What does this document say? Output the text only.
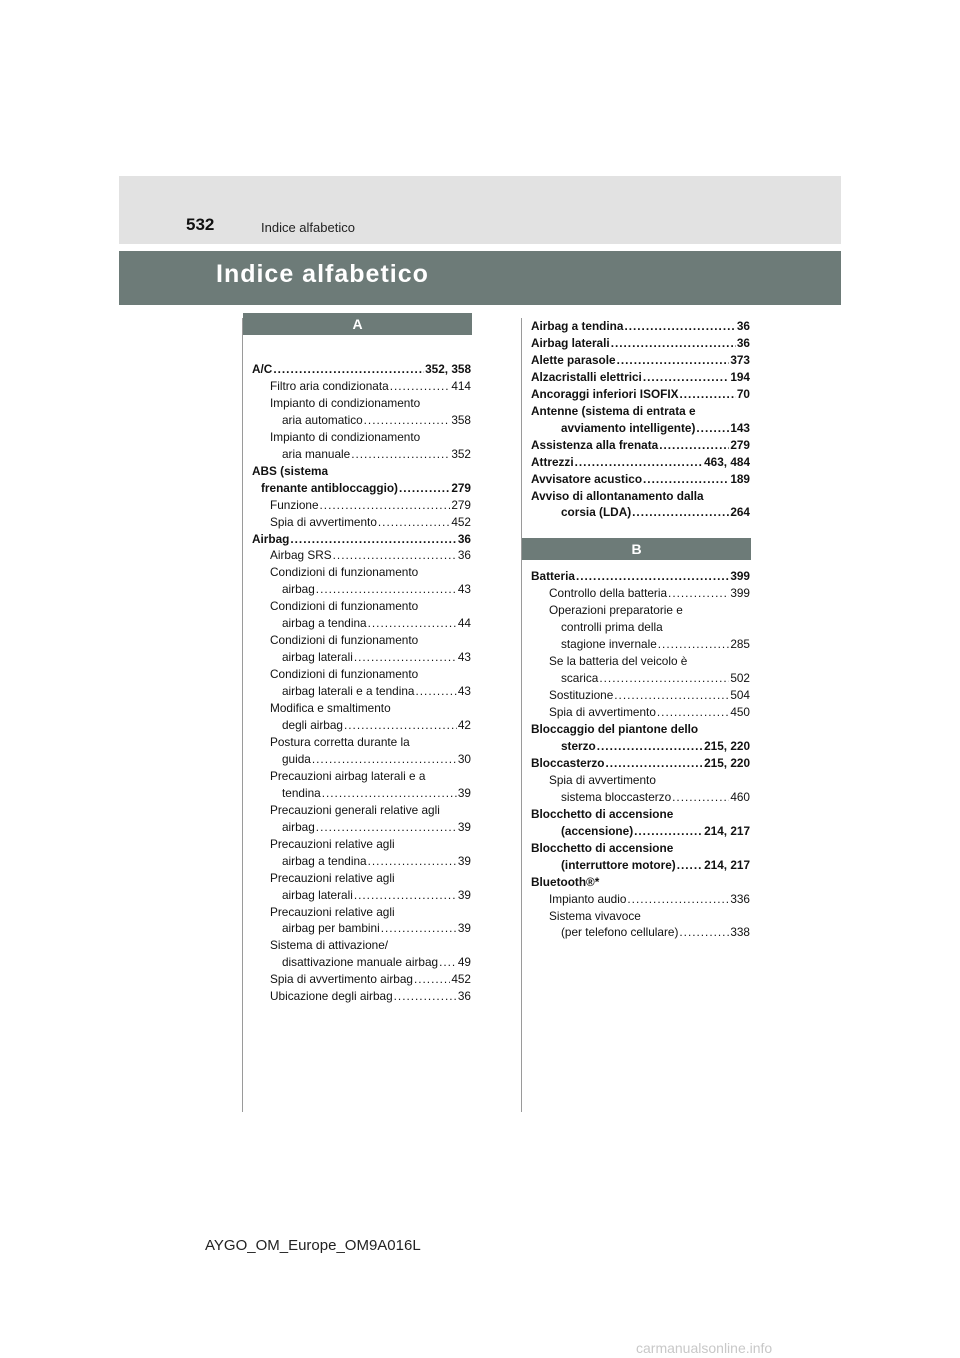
532	Indice alfabetico
Indice alfabetico
A
A/C .....	352, 358
Filtro aria condizionata .....	414
Impianto di condizionamento
aria automatico .....	358
Impianto di condizionamento
aria manuale .....	352
ABS (sistema
frenante antibloccaggio) .....	279
Funzione .....	279
Spia di avvertimento .....	452
Airbag .....	36
Airbag SRS .....	36
Condizioni di funzionamento
airbag .....	43
Condizioni di funzionamento
airbag a tendina .....	44
Condizioni di funzionamento
airbag laterali .....	43
Condizioni di funzionamento
airbag laterali e a tendina .....	43
Modifica e smaltimento
degli airbag .....	42
Postura corretta durante la
guida .....	30
Precauzioni airbag laterali e a
tendina .....	39
Precauzioni generali relative agli
airbag .....	39
Precauzioni relative agli
airbag a tendina .....	39
Precauzioni relative agli
airbag laterali .....	39
Precauzioni relative agli
airbag per bambini .....	39
Sistema di attivazione/
disattivazione manuale airbag ..... 49
Spia di avvertimento airbag .....	452
Ubicazione degli airbag .....	36
Airbag a tendina .....	36
Airbag laterali .....	36
Alette parasole .....	373
Alzacristalli elettrici .....	194
Ancoraggi inferiori ISOFIX .....	70
Antenne (sistema di entrata e
avviamento intelligente) .....	143
Assistenza alla frenata .....	279
Attrezzi .....	463, 484
Avvisatore acustico .....	189
Avviso di allontanamento dalla
corsia (LDA) .....	264
B
Batteria .....	399
Controllo della batteria .....	399
Operazioni preparatorie e
controlli prima della
stagione invernale .....	285
Se la batteria del veicolo è
scarica .....	502
Sostituzione .....	504
Spia di avvertimento .....	450
Bloccaggio del piantone dello
sterzo .....	215, 220
Bloccasterzo .....	215, 220
Spia di avvertimento
sistema bloccasterzo .....	460
Blocchetto di accensione
(accensione) .....	214, 217
Blocchetto di accensione
(interruttore motore) ..... 214, 217
Bluetooth®*
Impianto audio .....	336
Sistema vivavoce
(per telefono cellulare) .....	338
AYGO_OM_Europe_OM9A016L
carmanualsonline.info
